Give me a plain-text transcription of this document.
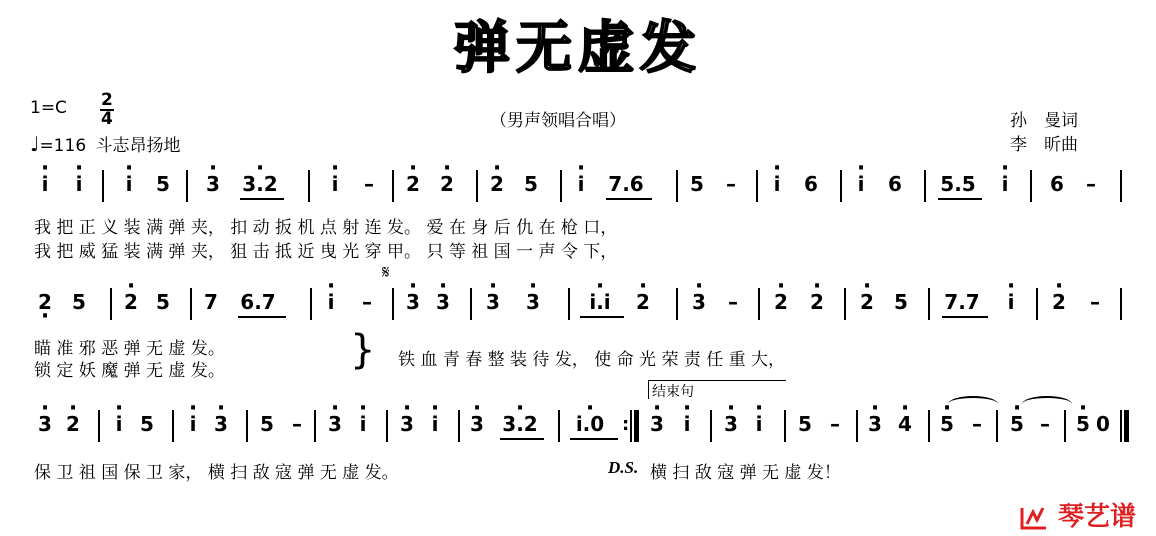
弹无虚发
1=C 2
4
♩=116 斗志昂扬地
（男声领唱合唱）	孙　曼词
李　昕曲
· i · i · i 5 · 3 · 3.2	· i – · 2 · 2 · 2 5 · i 7.6 5 – · i 6 · i 6 5.5 · i 6 –
我 把 正 义 装 满 弹 夹， 扣 动 扳 机 点 射 连 发。 爱 在 身 后 仇 在 枪 口，
我 把 威 猛 装 满 弹 夹， 狙 击 抵 近 曳 光 穿 甲。 只 等 祖 国 一 声 令 下，
𝄋
2 · 5 · 2 5 7 6.7	· i – · 3 · 3 · 3 · 3	· i.i	· 2 · 3 – · 2 · 2 · 2 5 7.7 · i · 2 –
瞄 准 邪 恶 弹 无 虚 发。
锁 定 妖 魔 弹 无 虚 发。	} 铁 血 青 春 整 装 待 发， 使 命 光 荣 责 任 重 大，
结束句
· 3 · 2 · i 5 · i · 3 5 – · 3 · i · 3 · i · 3 · 3.2	· i.0 : · 3 · i · 3 · i 5 – · 3 · 4 · 5 – · 5 – · 5 0
保 卫 祖 国 保 卫 家， 横 扫 敌 寇 弹 无 虚 发。	D.S. 横 扫 敌 寇 弹 无 虚 发！
琴艺谱
